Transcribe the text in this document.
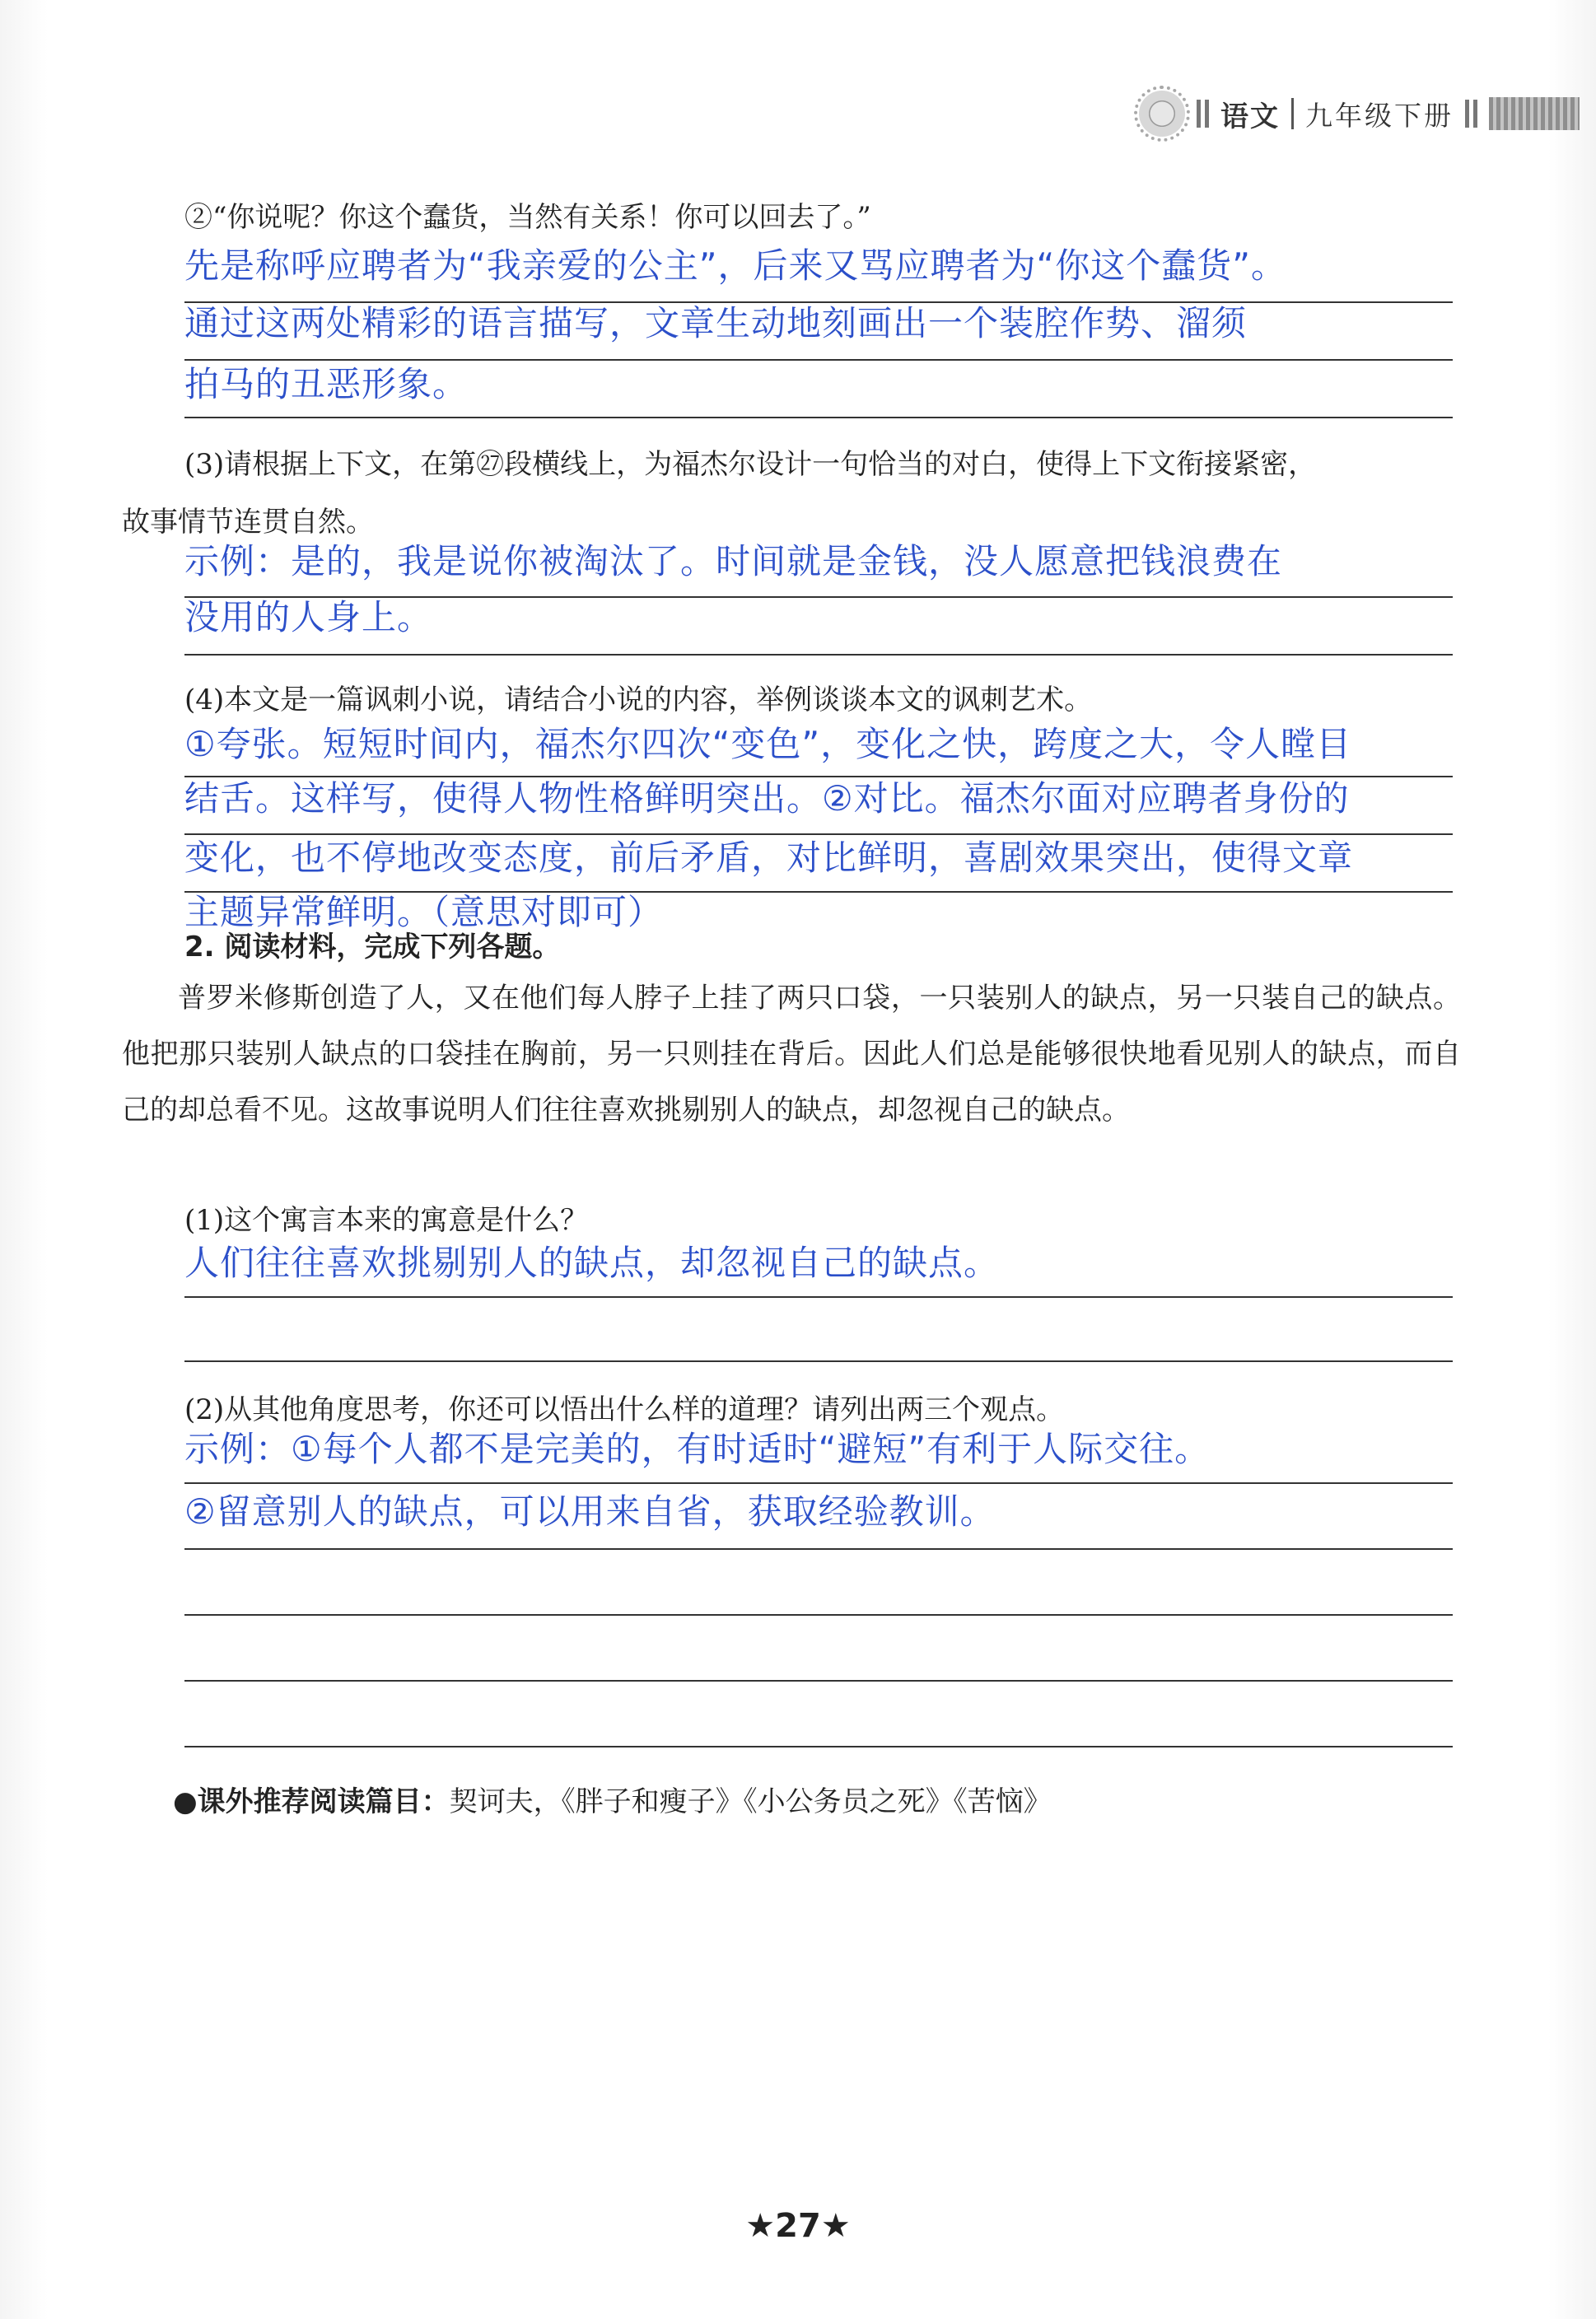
语文 九年级下册
②“你说呢？你这个蠢货，当然有关系！你可以回去了。”
先是称呼应聘者为“我亲爱的公主”，后来又骂应聘者为“你这个蠢货”。
通过这两处精彩的语言描写，文章生动地刻画出一个装腔作势、溜须
拍马的丑恶形象。
(3)请根据上下文，在第㉗段横线上，为福杰尔设计一句恰当的对白，使得上下文衔接紧密，
故事情节连贯自然。
示例：是的，我是说你被淘汰了。时间就是金钱，没人愿意把钱浪费在
没用的人身上。
(4)本文是一篇讽刺小说，请结合小说的内容，举例谈谈本文的讽刺艺术。
①夸张。短短时间内，福杰尔四次“变色”，变化之快，跨度之大，令人瞠目
结舌。这样写，使得人物性格鲜明突出。②对比。福杰尔面对应聘者身份的
变化，也不停地改变态度，前后矛盾，对比鲜明，喜剧效果突出，使得文章
主题异常鲜明。（意思对即可）
2. 阅读材料，完成下列各题。
普罗米修斯创造了人，又在他们每人脖子上挂了两只口袋，一只装别人的缺点，另一只装自己的缺点。他把那只装别人缺点的口袋挂在胸前，另一只则挂在背后。因此人们总是能够很快地看见别人的缺点，而自己的却总看不见。这故事说明人们往往喜欢挑剔别人的缺点，却忽视自己的缺点。
(1)这个寓言本来的寓意是什么？
人们往往喜欢挑剔别人的缺点，却忽视自己的缺点。
(2)从其他角度思考，你还可以悟出什么样的道理？请列出两三个观点。
示例：①每个人都不是完美的，有时适时“避短”有利于人际交往。
②留意别人的缺点，可以用来自省，获取经验教训。
●课外推荐阅读篇目：契诃夫，《胖子和瘦子》《小公务员之死》《苦恼》
★27★
